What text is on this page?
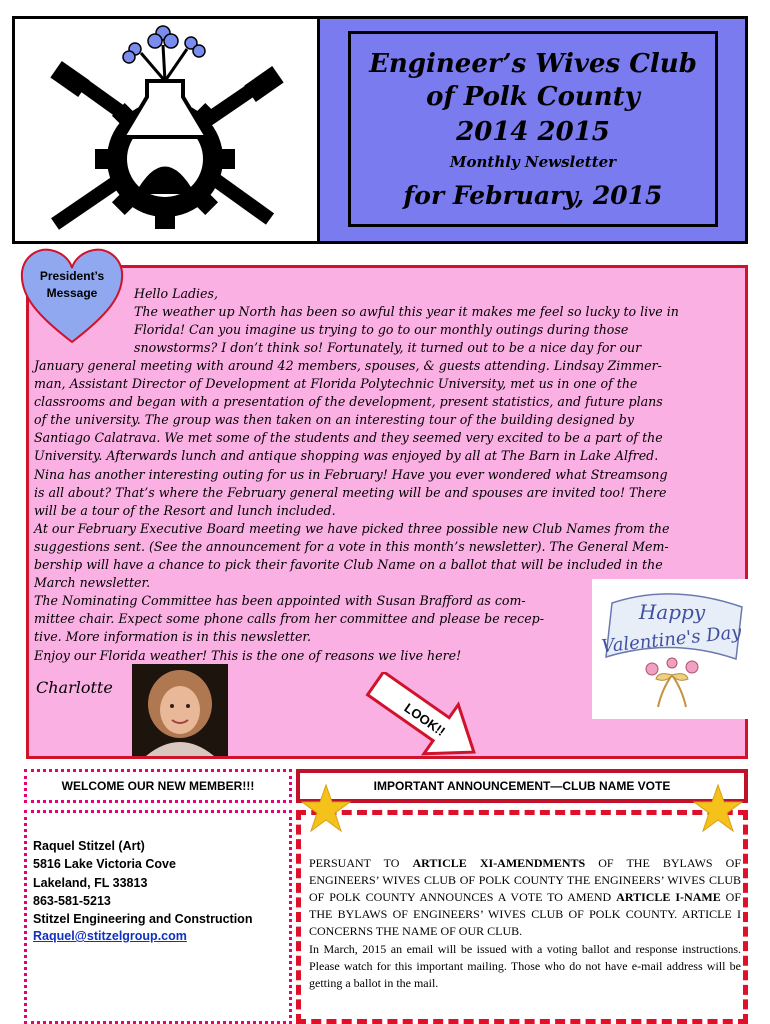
Engineer’s Wives Club
of Polk County
2014 2015
Monthly Newsletter
for February, 2015
President’s
Message	Hello Ladies,
The weather up North has been so awful this year it makes me feel so lucky to live in
Florida! Can you imagine us trying to go to our monthly outings during those
snowstorms? I don’t think so! Fortunately, it turned out to be a nice day for our
January general meeting with around 42 members, spouses, & guests attending. Lindsay Zimmer-
man, Assistant Director of Development at Florida Polytechnic University, met us in one of the
classrooms and began with a presentation of the development, present statistics, and future plans
of the university. The group was then taken on an interesting tour of the building designed by
Santiago Calatrava. We met some of the students and they seemed very excited to be a part of the
University. Afterwards lunch and antique shopping was enjoyed by all at The Barn in Lake Alfred.
Nina has another interesting outing for us in February! Have you ever wondered what Streamsong
is all about? That’s where the February general meeting will be and spouses are invited too! There
will be a tour of the Resort and lunch included.
At our February Executive Board meeting we have picked three possible new Club Names from the
suggestions sent. (See the announcement for a vote in this month’s newsletter). The General Mem-
bership will have a chance to pick their favorite Club Name on a ballot that will be included in the
March newsletter.
The Nominating Committee has been appointed with Susan Brafford as com-
mittee chair. Expect some phone calls from her committee and please be recep-
tive. More information is in this newsletter.
Enjoy our Florida weather! This is the one of reasons we live here!
Charlotte
LOOK!!
Happy
Valentine's Day
WELCOME OUR NEW MEMBER!!!
Raquel Stitzel (Art)
5816 Lake Victoria Cove
Lakeland, FL 33813
863-581-5213
Stitzel Engineering and Construction
Raquel@stitzelgroup.com
IMPORTANT ANNOUNCEMENT—CLUB NAME VOTE
PERSUANT TO ARTICLE XI-AMENDMENTS OF THE BYLAWS OF ENGINEERS’ WIVES CLUB OF POLK COUNTY THE ENGINEERS’ WIVES CLUB OF POLK COUNTY ANNOUNCES A VOTE TO AMEND ARTICLE I-NAME OF THE BYLAWS OF ENGINEERS’ WIVES CLUB OF POLK COUNTY. ARTICLE I CONCERNS THE NAME OF OUR CLUB.
In March, 2015 an email will be issued with a voting ballot and response instructions. Please watch for this important mailing. Those who do not have e-mail address will be getting a ballot in the mail.
